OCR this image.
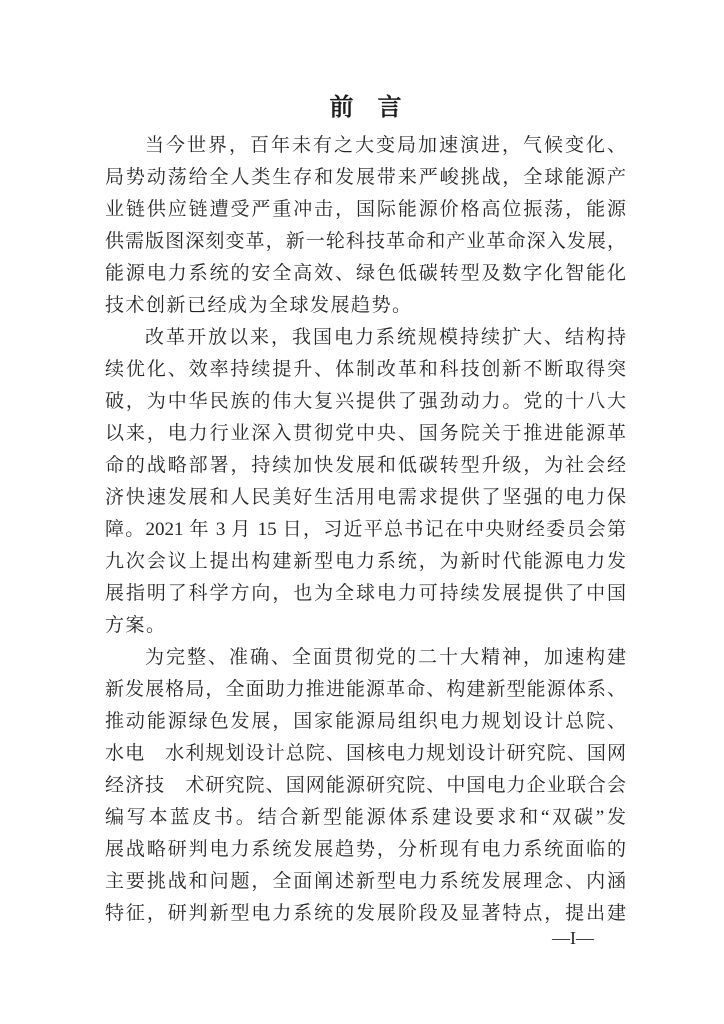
前　言
当今世界，百年未有之大变局加速演进，气候变化、
局势动荡给全人类生存和发展带来严峻挑战，全球能源产
业链供应链遭受严重冲击，国际能源价格高位振荡，能源
供需版图深刻变革，新一轮科技革命和产业革命深入发展，
能源电力系统的安全高效、绿色低碳转型及数字化智能化
技术创新已经成为全球发展趋势。
改革开放以来，我国电力系统规模持续扩大、结构持
续优化、效率持续提升、体制改革和科技创新不断取得突
破，为中华民族的伟大复兴提供了强劲动力。党的十八大
以来，电力行业深入贯彻党中央、国务院关于推进能源革
命的战略部署，持续加快发展和低碳转型升级，为社会经
济快速发展和人民美好生活用电需求提供了坚强的电力保
障。2021 年 3 月 15 日，习近平总书记在中央财经委员会第
九次会议上提出构建新型电力系统，为新时代能源电力发
展指明了科学方向，也为全球电力可持续发展提供了中国
方案。
为完整、准确、全面贯彻党的二十大精神，加速构建
新发展格局，全面助力推进能源革命、构建新型能源体系、
推动能源绿色发展，国家能源局组织电力规划设计总院、
水电　水利规划设计总院、国核电力规划设计研究院、国网
经济技　术研究院、国网能源研究院、中国电力企业联合会
编写本蓝皮书。结合新型能源体系建设要求和“双碳”发
展战略研判电力系统发展趋势，分析现有电力系统面临的
主要挑战和问题，全面阐述新型电力系统发展理念、内涵
特征，研判新型电力系统的发展阶段及显著特点，提出建
—I—
